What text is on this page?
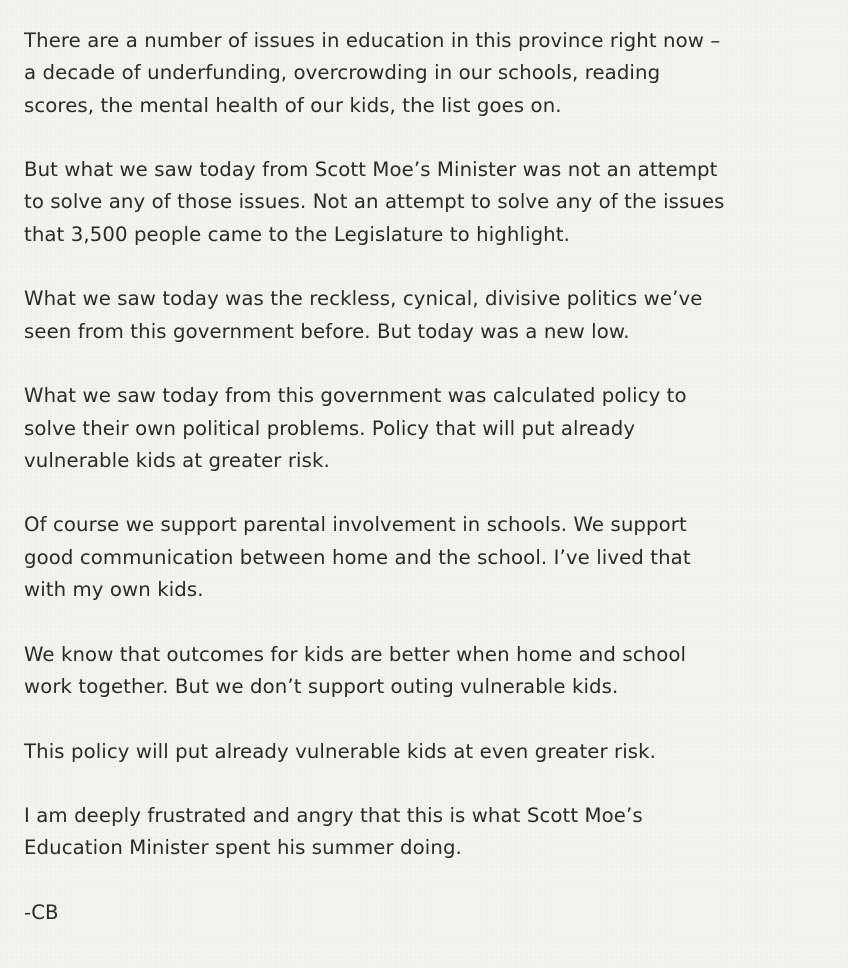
There are a number of issues in education in this province right now –
a decade of underfunding, overcrowding in our schools, reading
scores, the mental health of our kids, the list goes on.

But what we saw today from Scott Moe’s Minister was not an attempt
to solve any of those issues. Not an attempt to solve any of the issues
that 3,500 people came to the Legislature to highlight.

What we saw today was the reckless, cynical, divisive politics we’ve
seen from this government before. But today was a new low.

What we saw today from this government was calculated policy to
solve their own political problems. Policy that will put already
vulnerable kids at greater risk.

Of course we support parental involvement in schools. We support
good communication between home and the school. I’ve lived that
with my own kids.

We know that outcomes for kids are better when home and school
work together. But we don’t support outing vulnerable kids.

This policy will put already vulnerable kids at even greater risk.

I am deeply frustrated and angry that this is what Scott Moe’s
Education Minister spent his summer doing.

-CB
